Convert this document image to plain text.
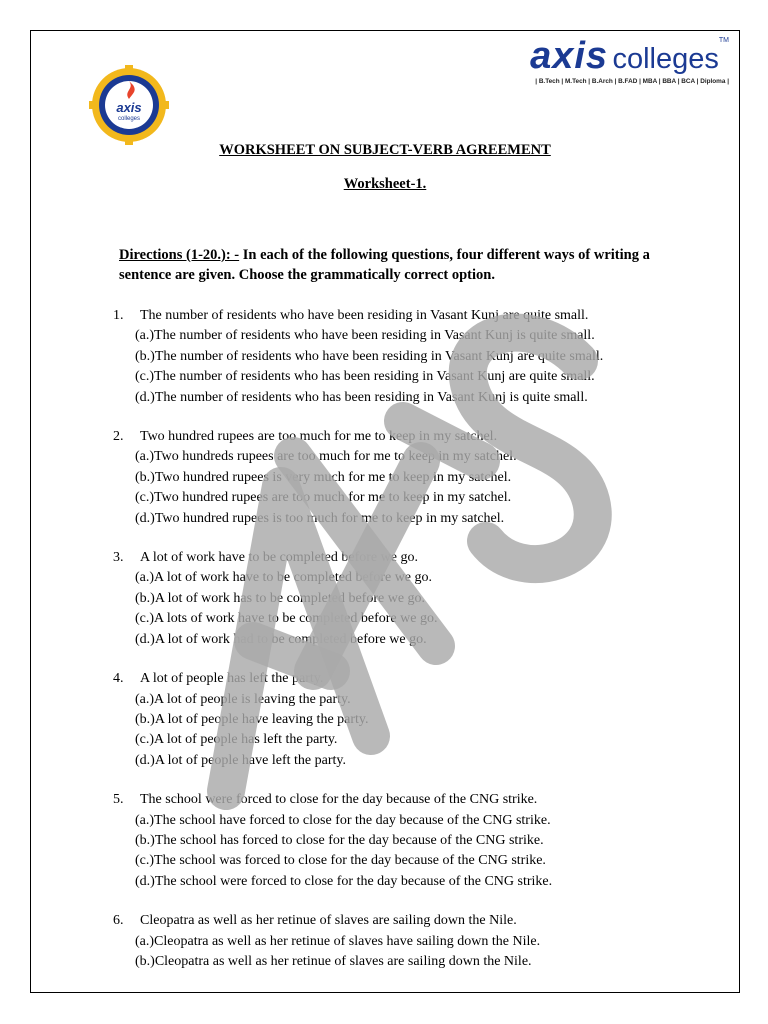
axis
colleges
axis colleges™
| B.Tech | M.Tech | B.Arch | B.FAD | MBA | BBA | BCA | Diploma |
WORKSHEET ON SUBJECT-VERB AGREEMENT
Worksheet-1.
Directions (1-20.): - In each of the following questions, four different ways of writing a sentence are given. Choose the grammatically correct option.
1. The number of residents who have been residing in Vasant Kunj are quite small.
(a.)The number of residents who have been residing in Vasant Kunj is quite small.
(b.)The number of residents who have been residing in Vasant Kunj are quite small.
(c.)The number of residents who has been residing in Vasant Kunj are quite small.
(d.)The number of residents who has been residing in Vasant Kunj is quite small.
2. Two hundred rupees are too much for me to keep in my satchel.
(a.)Two hundreds rupees are too much for me to keep in my satchel.
(b.)Two hundred rupees is very much for me to keep in my satchel.
(c.)Two hundred rupees are too much for me to keep in my satchel.
(d.)Two hundred rupees is too much for me to keep in my satchel.
3. A lot of work have to be completed before we go.
(a.)A lot of work have to be completed before we go.
(b.)A lot of work has to be completed before we go.
(c.)A lots of work have to be completed before we go.
(d.)A lot of work had to be completed before we go.
4. A lot of people has left the party.
(a.)A lot of people is leaving the party.
(b.)A lot of people have leaving the party.
(c.)A lot of people has left the party.
(d.)A lot of people have left the party.
5. The school were forced to close for the day because of the CNG strike.
(a.)The school have forced to close for the day because of the CNG strike.
(b.)The school has forced to close for the day because of the CNG strike.
(c.)The school was forced to close for the day because of the CNG strike.
(d.)The school were forced to close for the day because of the CNG strike.
6. Cleopatra as well as her retinue of slaves are sailing down the Nile.
(a.)Cleopatra as well as her retinue of slaves have sailing down the Nile.
(b.)Cleopatra as well as her retinue of slaves are sailing down the Nile.
